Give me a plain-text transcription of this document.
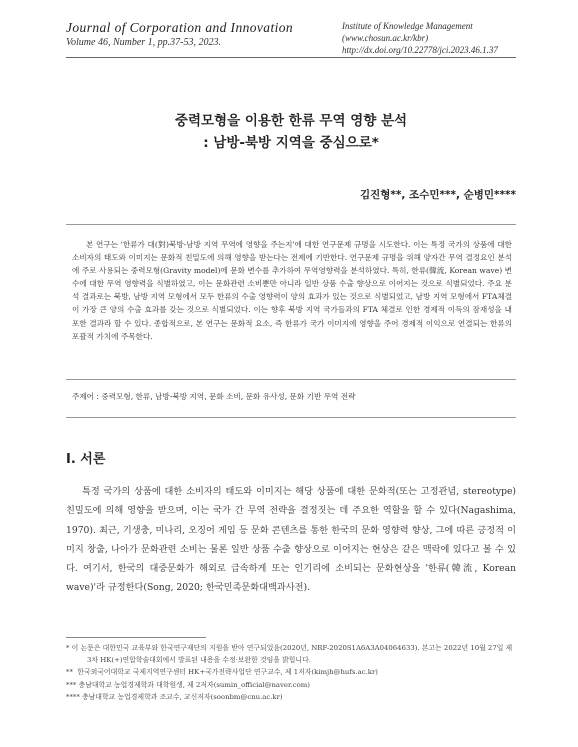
Journal of Corporation and Innovation
Volume 46, Number 1, pp.37-53, 2023.
Institute of Knowledge Management
(www.chosun.ac.kr/kbr)
http://dx.doi.org/10.22778/jci.2023.46.1.37
중력모형을 이용한 한류 무역 영향 분석
: 남방-북방 지역을 중심으로*
김진형**, 조수민***, 순병민****
본 연구는 '한류가 대(對)북방-남방 지역 무역에 영향을 주는지'에 대한 연구문제 규명을 시도한다. 이는 특정 국가의 상품에 대한 소비자의 태도와 이미지는 문화적 친밀도에 의해 영향을 받는다는 전제에 기반한다. 연구문제 규명을 위해 양자간 무역 결정요인 분석에 주로 사용되는 중력모형(Gravity model)에 문화 변수를 추가하여 무역영향력을 분석하였다. 특히, 한류(韓流, Korean wave) 변수에 대한 무역 영향력을 식별하였고, 이는 문화관련 소비뿐만 아니라 일반 상품 수출 향상으로 이어지는 것으로 식별되었다. 주요 분석 결과로는 북방, 남방 지역 모형에서 모두 한류의 수출 영향력이 양의 효과가 있는 것으로 식별되었고, 남방 지역 모형에서 FTA체결이 가장 큰 양의 수출 효과를 갖는 것으로 식별되었다. 이는 향후 북방 지역 국가들과의 FTA 체결로 인한 경제적 이득의 잠재성을 내포한 결과라 할 수 있다. 종합적으로, 본 연구는 문화적 요소, 즉 한류가 국가 이미지에 영향을 주어 경제적 이익으로 연결되는 한류의 포괄적 가치에 주목한다.
주제어 : 중력모형, 한류, 남방-북방 지역, 문화 소비, 문화 유사성, 문화 기반 무역 전략
Ⅰ. 서론
특정 국가의 상품에 대한 소비자의 태도와 이미지는 해당 상품에 대한 문화적(또는 고정관념, stereotype) 친밀도에 의해 영향을 받으며, 이는 국가 간 무역 전략을 결정짓는 데 주요한 역할을 할 수 있다(Nagashima, 1970). 최근, 기생충, 미나리, 오징어 게임 등 문화 콘텐츠를 통한 한국의 문화 영향력 향상, 그에 따른 긍정적 이미지 창출, 나아가 문화관련 소비는 물론 일반 상품 수출 향상으로 이어지는 현상은 같은 맥락에 있다고 볼 수 있다. 여기서, 한국의 대중문화가 해외로 급속하게 또는 인기리에 소비되는 문화현상을 '한류(韓流, Korean wave)'라 규정한다(Song, 2020; 한국민족문화대백과사전).
* 이 논문은 대한민국 교육부와 한국연구재단의 지원을 받아 연구되었음(2020년, NRF-2020S1A6A3A04064633). 본고는 2022년 10월 27일 제3차 HK(+)연합학술대회에서 발표된 내용을 수정·보완한 것임을 밝힙니다.
** 한국외국어대학교 국제지역연구센터 HK+국가전략사업단 연구교수, 제 1저자(kimjh@hufs.ac.kr)
*** 충남대학교 농업경제학과 대학원생, 제 2저자(sumin_official@naver.com)
**** 충남대학교 농업경제학과 조교수, 교신저자(soonbm@cnu.ac.kr)
